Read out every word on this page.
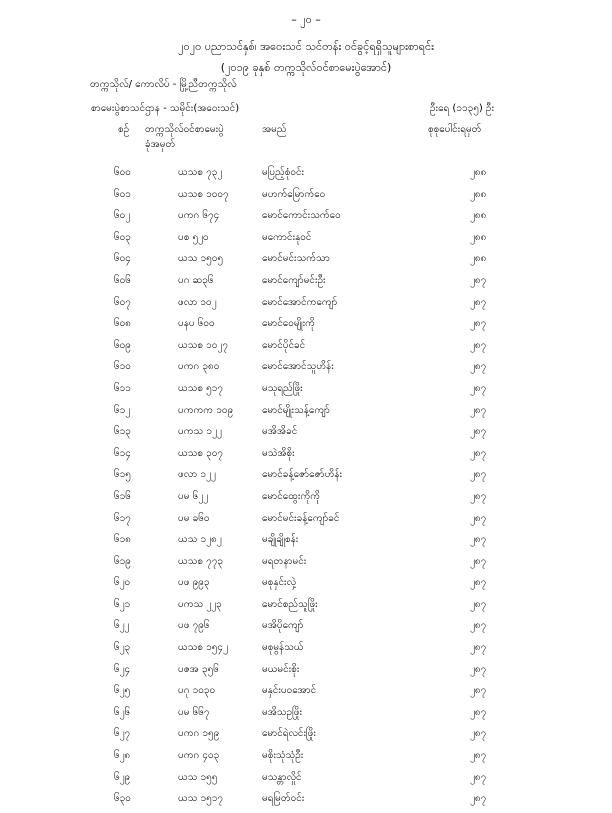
– ၂၀ –
၂၀၂၀ ပညာသင်နှစ်၊ အဝေးသင် သင်တန်း ဝင်ခွင့်ရရှိသူများစာရင်း
(၂၀၁၉ ခုနှစ် တက္ကသိုလ်ဝင်စာမေးပွဲအောင်)
တက္ကသိုလ်/ ကောလိပ် - မြို့ညီတက္ကသိုလ်
စာမေးပွဲစာသင်ဌာန - သမိုင်း(အဝေးသင်)	ဦးရေ (၁၁၃၅) ဦး
စဉ် တက္ကသိုလ်ဝင်စာမေးပွဲ
ခုံအမှတ်
အမည်	စုစုပေါင်းရမှတ်
၆၀၀	ယသစ ၇၃၂	မပြည့်စုံဝင်း	၂၈၈
၆၀၁	ယသစ ၁၀၀၇	မဟက်မြောက်ဝေ	၂၈၈
၆၀၂	ပကဂ ၆၇၄	မောင်ကောင်းသက်ဝေ	၂၈၈
၆၀၃	ပစ ၅၂၀	မကောင်းနုဝင်	၂၈၈
၆၀၄	ယသ ၁၅၀၅	မောင်မင်းသက်သာ	၂၈၈
၆၀၆	ပဂ ဆ၃၆	မောင်ကျော်မင်းဦး	၂၈၇
၆၀၇	ဖလာ ၁၀၂	မောင်အောင်ကကျော်	၂၈၇
၆၀၈	ပနပ ၆၀၀	မောင်ဝေမျိုးကို	၂၈၇
၆၀၉	ယသစ ၁၀၂၇	မောင်ပိုင်ခင်	၂၈၇
၆၁၀	ပကဂ ၃၈၀	မောင်အောင်သူဟိန်း	၂၈၇
၆၁၁	ယသစ ၅၁၇	မသုရည်ဖြိုး	၂၈၇
၆၁၂	ပကကက ၁၀၉	မောင်မျိုးသန့်ကျော်	၂၈၇
၆၁၃	ပကသ ၁၂၂	မအိအိခင်	၂၈၇
၆၁၄	ယသစ ၃၀၇	မသဲအိစိုး	၂၈၇
၆၁၅	ဖလာ ၁၂၂	မောင်ခန့်ဇော်ဇော်ဟိန်း	၂၈၇
၆၁၆	ပမ ၆၂၂	မောင်ထွေးကိုကို	၂၈၇
၆၁၇	ပမ ခ၆၀	မောင်မင်းခန့်ကျော်ခင်	၂၈၇
၆၁၈	ယသ ၁၂၈၂	မချိုချိုစန်း	၂၈၇
၆၁၉	ယသစ ၇၇၃	မရတနာမင်း	၂၈၇
၆၂၀	ပဖ ၉၉၃	မစုနှင်းလှဲ့	၂၈၇
၆၂၁	ပကသ ၂၂၃	မောင်စည်သူဖြိုး	၂၈၇
၆၂၂	ပဖ ၇၉၆	မအိပိုကျော်	၂၈၇
၆၂၃	ယသစ ၁၅၄၂	မစုမွန်သယ်	၂၈၇
၆၂၄	ပဇအ ၃၅၆	မယမင်းစိုး	၂၈၇
၆၂၅	ပဂု ၁၀၃၀	မနှင်းပဝအောင်	၂၈၇
၆၂၆	ပမ ၆၆၇	မအိသဥဖြိုး	၂၈၇
၆၂၇	ပကဂ ၁၅၉	မောင်ရဲလင်းဖြိုး	၂၈၇
၆၂၈	ပကဂ ၄၀၃	မစိုးသုံသုံဦး	၂၈၇
၆၂၉	ယသ ၁၅၅	မသန္တာလှိုင်	၂၈၇
၆၃၀	ယသ ၁၅၁၇	မရမြတ်ဝင်း	၂၈၇
